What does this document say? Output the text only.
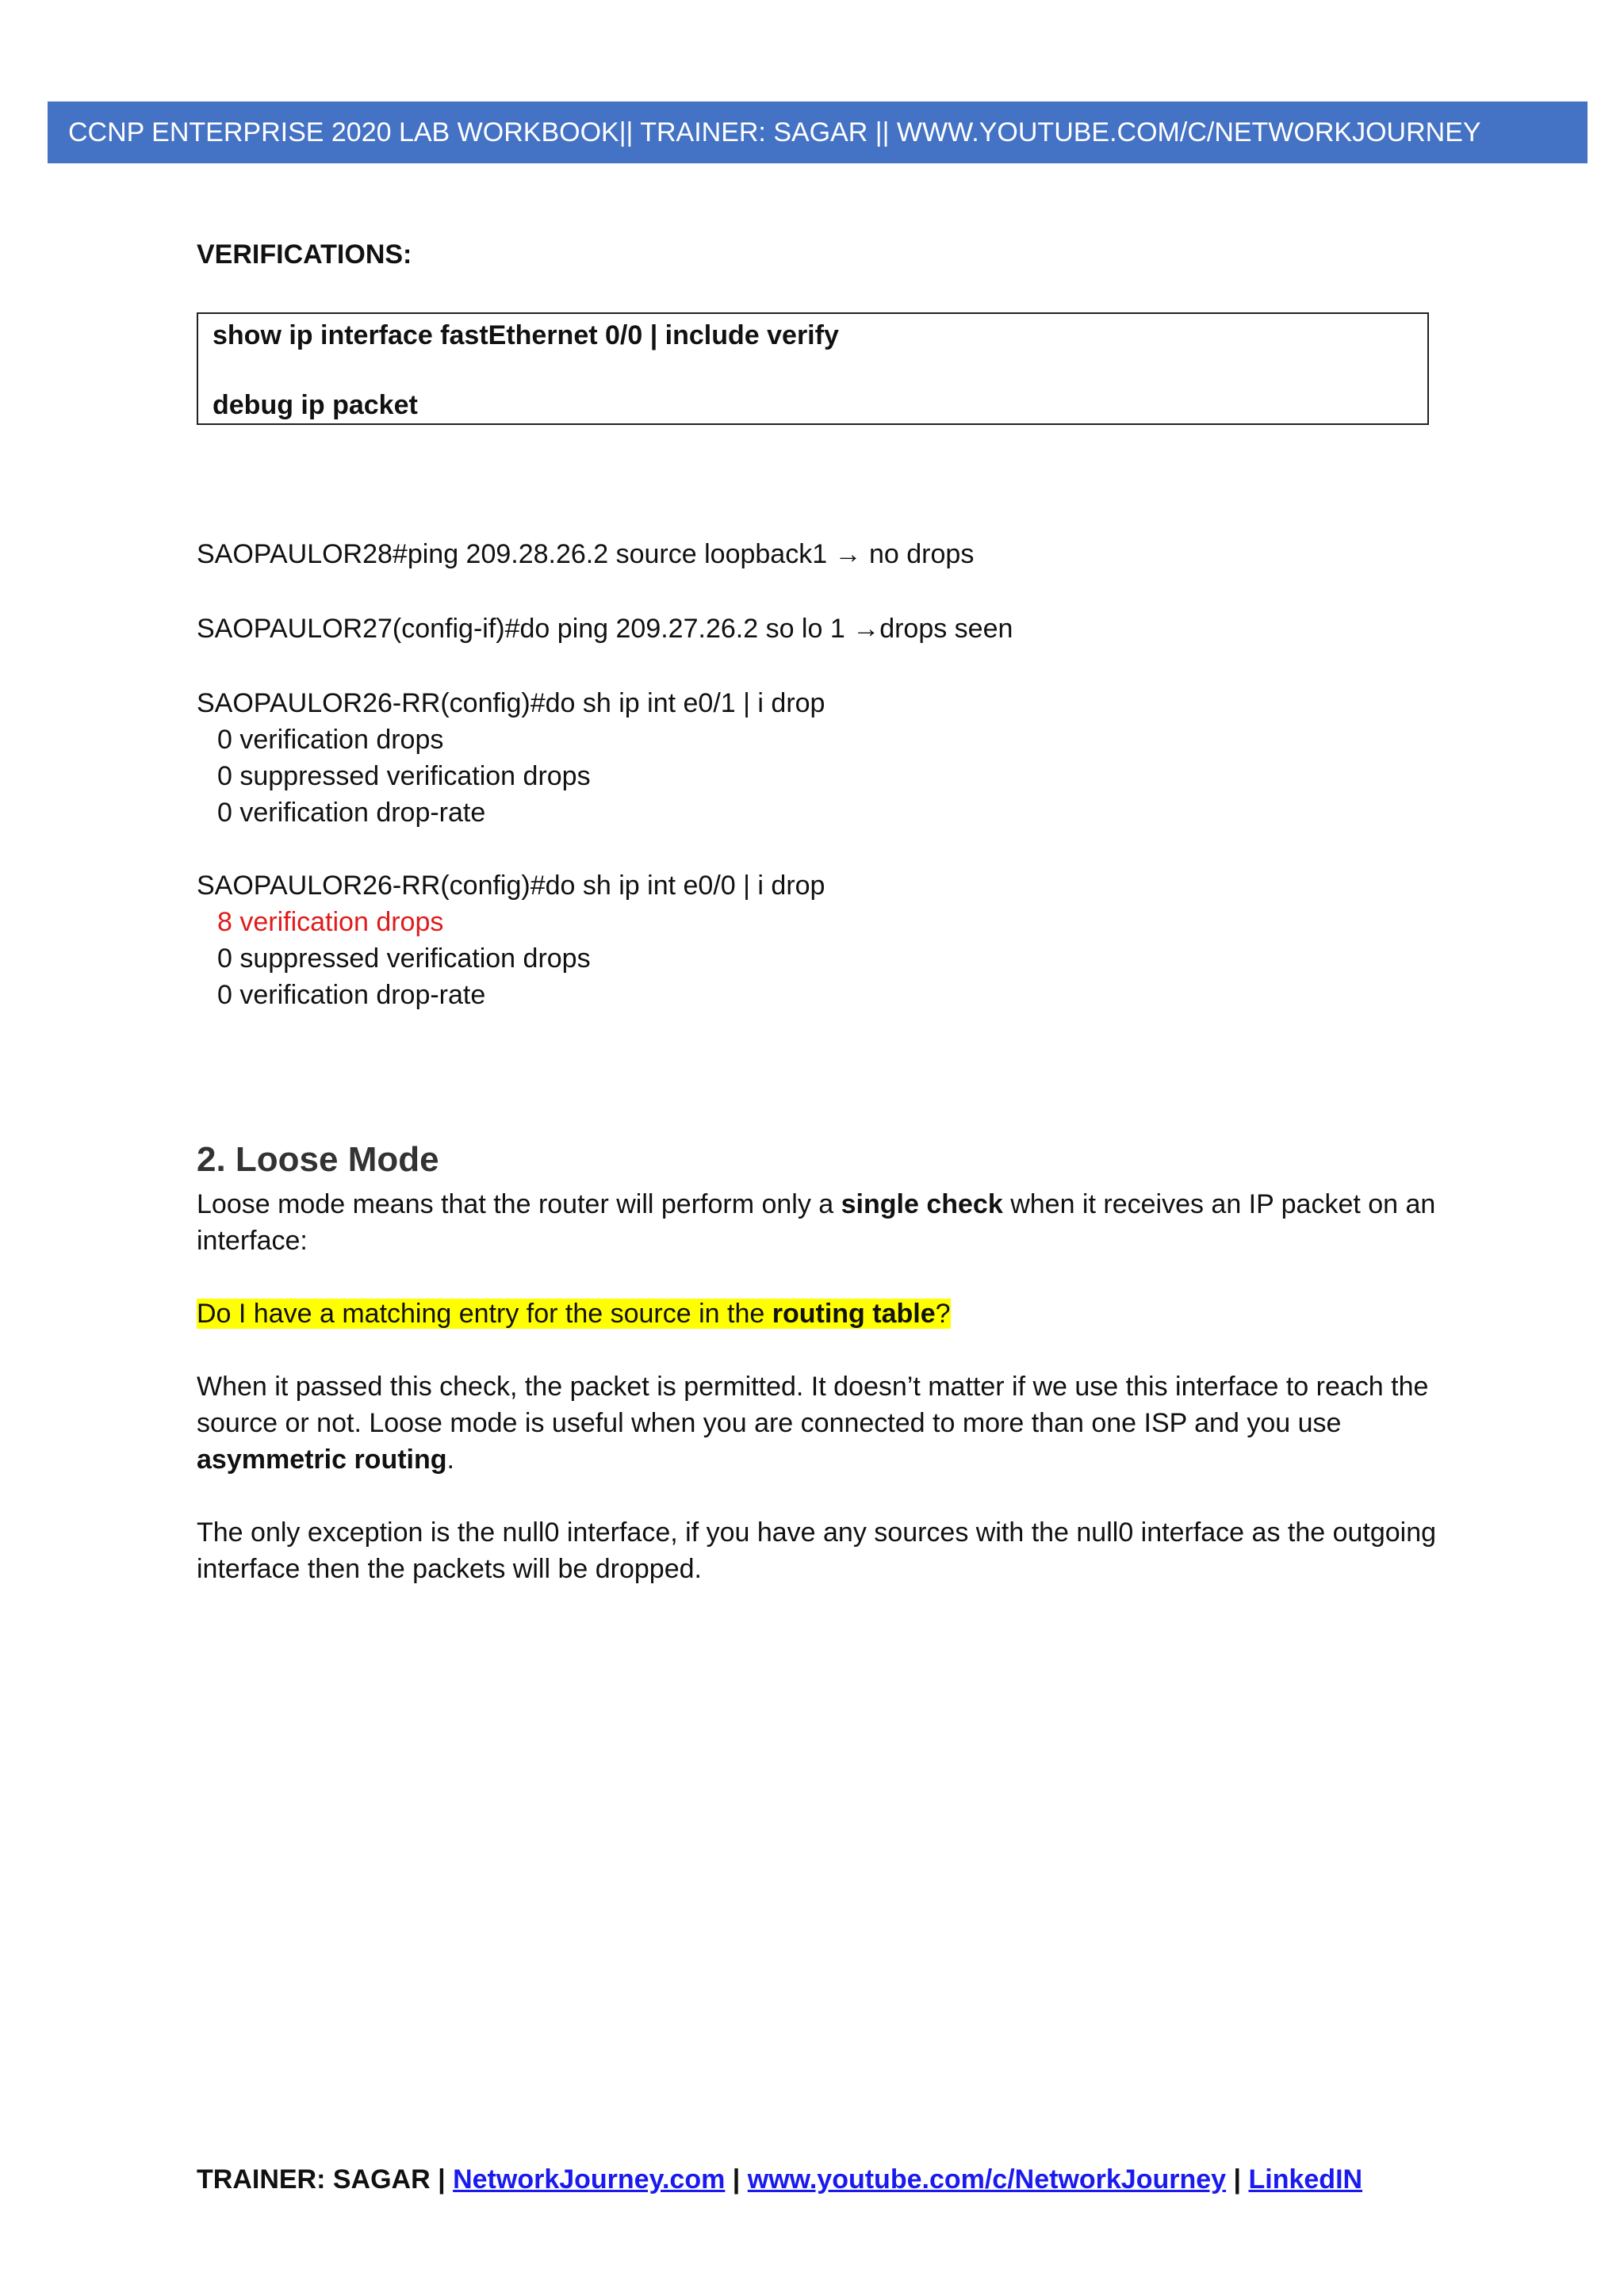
CCNP ENTERPRISE 2020 LAB WORKBOOK|| TRAINER: SAGAR || WWW.YOUTUBE.COM/C/NETWORKJOURNEY
VERIFICATIONS:
show ip interface fastEthernet 0/0 | include verify
debug ip packet
SAOPAULOR28#ping 209.28.26.2 source loopback1 → no drops
SAOPAULOR27(config-if)#do ping 209.27.26.2 so lo 1 →drops seen
SAOPAULOR26-RR(config)#do sh ip int e0/1 | i drop
0 verification drops
0 suppressed verification drops
0 verification drop-rate
SAOPAULOR26-RR(config)#do sh ip int e0/0 | i drop
8 verification drops
0 suppressed verification drops
0 verification drop-rate
2. Loose Mode
Loose mode means that the router will perform only a single check when it receives an IP packet on an interface:
Do I have a matching entry for the source in the routing table?
When it passed this check, the packet is permitted. It doesn’t matter if we use this interface to reach the source or not. Loose mode is useful when you are connected to more than one ISP and you use asymmetric routing.
The only exception is the null0 interface, if you have any sources with the null0 interface as the outgoing interface then the packets will be dropped.
TRAINER: SAGAR | NetworkJourney.com | www.youtube.com/c/NetworkJourney | LinkedIN
